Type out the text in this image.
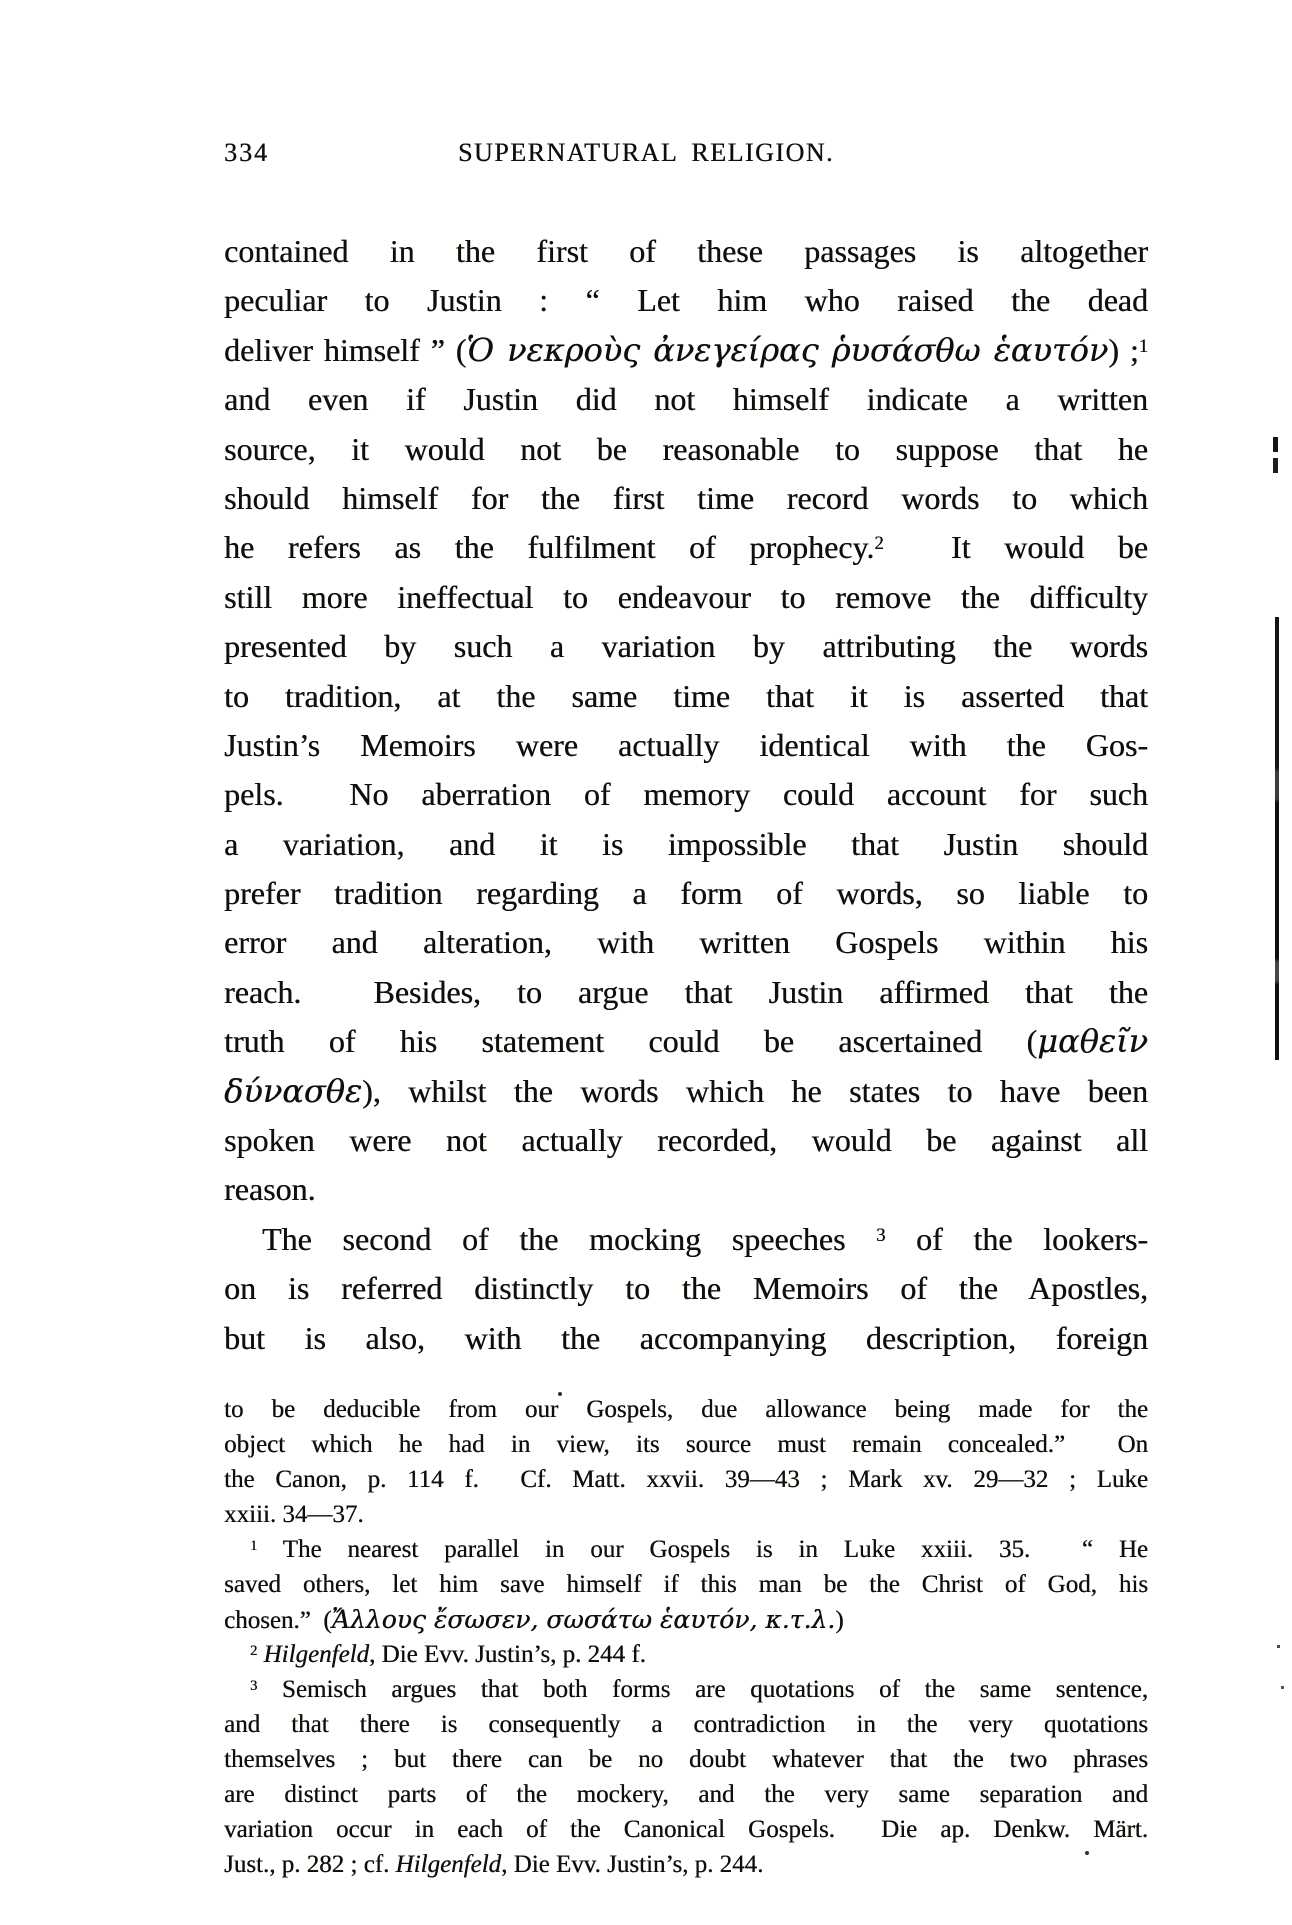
334	SUPERNATURAL RELIGION.
contained in the first of these passages is altogether
peculiar to Justin : “ Let him who raised the dead
deliver himself ” (Ὁ νεκροὺς ἀνεγείρας ῥυσάσθω ἑαυτόν) ;$^1$
and even if Justin did not himself indicate a written
source, it would not be reasonable to suppose that he
should himself for the first time record words to which
he refers as the fulfilment of prophecy.$^2$  It would be
still more ineffectual to endeavour to remove the difficulty
presented by such a variation by attributing the words
to tradition, at the same time that it is asserted that
Justin’s Memoirs were actually identical with the Gos-
pels.  No aberration of memory could account for such
a variation, and it is impossible that Justin should
prefer tradition regarding a form of words, so liable to
error and alteration, with written Gospels within his
reach.  Besides, to argue that Justin affirmed that the
truth of his statement could be ascertained (μαθεῖν
δύνασθε), whilst the words which he states to have been
spoken were not actually recorded, would be against all
reason.
The second of the mocking speeches $^3$ of the lookers-
on is referred distinctly to the Memoirs of the Apostles,
but is also, with the accompanying description, foreign
to be deducible from our Gospels, due allowance being made for the
object which he had in view, its source must remain concealed.”  On
the Canon, p. 114 f.  Cf. Matt. xxvii. 39—43 ; Mark xv. 29—32 ; Luke
xxiii. 34—37.
$^1$ The nearest parallel in our Gospels is in Luke xxiii. 35.  “ He
saved others, let him save himself if this man be the Christ of God, his
chosen.”  (Ἄλλους ἔσωσεν, σωσάτω ἑαυτόν, κ.τ.λ.)
$^2$ Hilgenfeld, Die Evv. Justin’s, p. 244 f.
$^3$ Semisch argues that both forms are quotations of the same sentence,
and that there is consequently a contradiction in the very quotations
themselves ; but there can be no doubt whatever that the two phrases
are distinct parts of the mockery, and the very same separation and
variation occur in each of the Canonical Gospels.  Die ap. Denkw. Märt.
Just., p. 282 ; cf. Hilgenfeld, Die Evv. Justin’s, p. 244.
